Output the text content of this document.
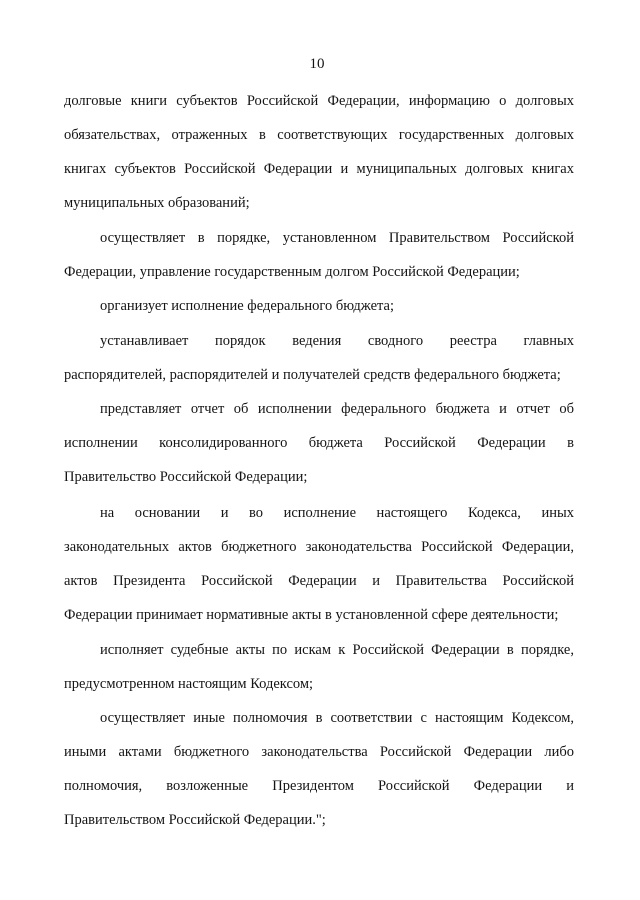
10
долговые книги субъектов Российской Федерации, информацию о долговых
обязательствах, отраженных в соответствующих государственных долговых
книгах субъектов Российской Федерации и муниципальных долговых книгах
муниципальных образований;
осуществляет в порядке, установленном Правительством Российской
Федерации, управление государственным долгом Российской Федерации;
организует исполнение федерального бюджета;
устанавливает порядок ведения сводного реестра главных
распорядителей, распорядителей и получателей средств федерального бюджета;
представляет отчет об исполнении федерального бюджета и отчет об
исполнении консолидированного бюджета Российской Федерации в
Правительство Российской Федерации;
на основании и во исполнение настоящего Кодекса, иных
законодательных актов бюджетного законодательства Российской Федерации,
актов Президента Российской Федерации и Правительства Российской
Федерации принимает нормативные акты в установленной сфере деятельности;
исполняет судебные акты по искам к Российской Федерации в порядке,
предусмотренном настоящим Кодексом;
осуществляет иные полномочия в соответствии с настоящим Кодексом,
иными актами бюджетного законодательства Российской Федерации либо
полномочия, возложенные Президентом Российской Федерации и
Правительством Российской Федерации.";
